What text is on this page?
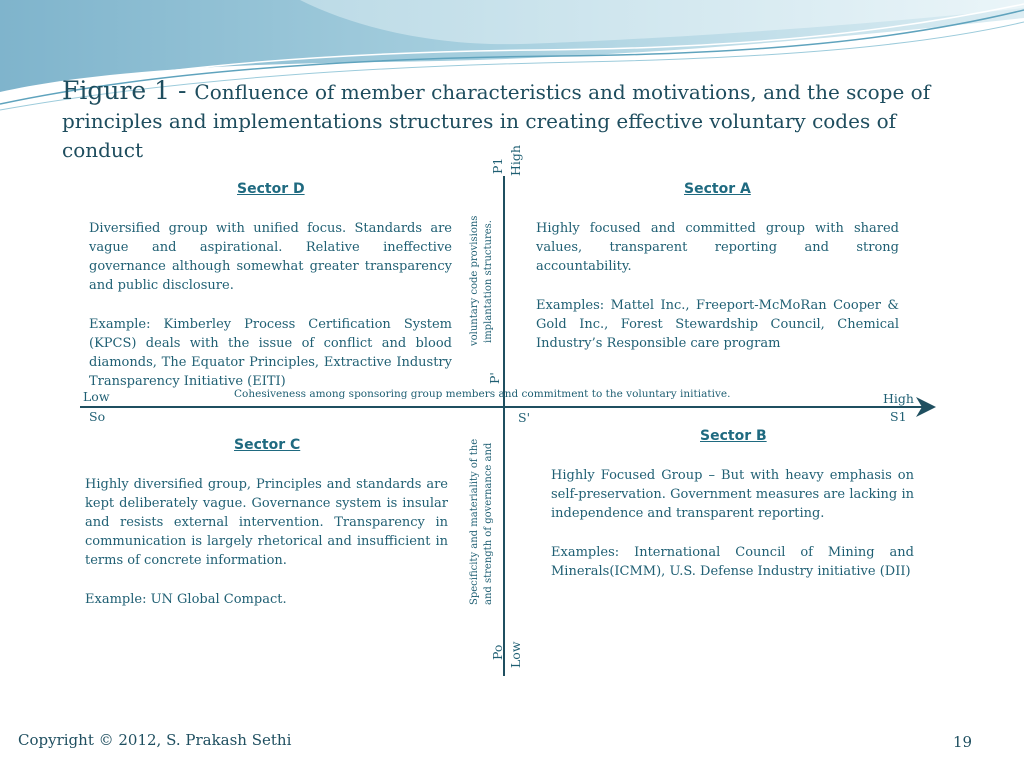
Figure 1 - Confluence of member characteristics and motivations, and the scope of principles and implementations structures in creating effective voluntary codes of conduct
Low
So
High
S1
S'
Cohesiveness among sponsoring group members and commitment to the voluntary initiative.
P1 High
voluntary code provisions implantation structures.
P'
Specificity and materiality of the and strength of governance and
Po Low
Sector D

Diversified group with unified focus. Standards are vague and aspirational. Relative ineffective governance although somewhat greater transparency and public disclosure.

Example: Kimberley Process Certification System (KPCS) deals with the issue of conflict and blood diamonds, The Equator Principles, Extractive Industry Transparency Initiative (EITI)

Sector A

Highly focused and committed group with shared values, transparent reporting and strong accountability.

Examples: Mattel Inc., Freeport-McMoRan Cooper & Gold Inc., Forest Stewardship Council, Chemical Industry’s Responsible care program

Sector C

Highly diversified group, Principles and standards are kept deliberately vague. Governance system is insular and resists external intervention. Transparency in communication is largely rhetorical and insufficient in terms of concrete information.

Example: UN Global Compact.

Sector B

Highly Focused Group – But with heavy emphasis on self-preservation. Government measures are lacking in independence and transparent reporting.

Examples: International Council of Mining and Minerals(ICMM), U.S. Defense Industry initiative (DII)

Copyright © 2012, S. Prakash Sethi	19
